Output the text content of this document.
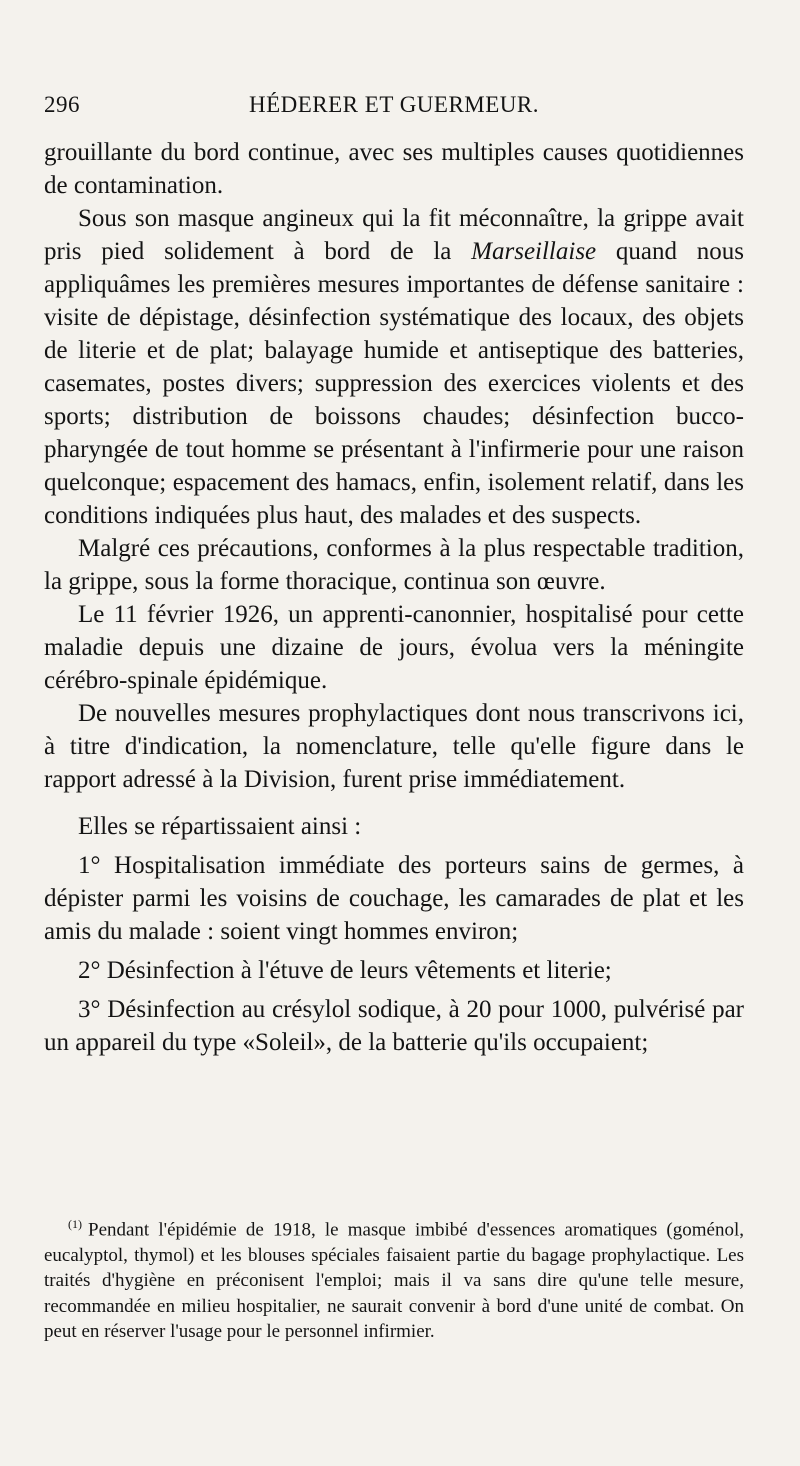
296	HÉDERER ET GUERMEUR.

grouillante du bord continue, avec ses multiples causes quotidiennes de contamination.

Sous son masque angineux qui la fit méconnaître, la grippe avait pris pied solidement à bord de la Marseillaise quand nous appliquâmes les premières mesures importantes de défense sanitaire : visite de dépistage, désinfection systématique des locaux, des objets de literie et de plat; balayage humide et antiseptique des batteries, casemates, postes divers; suppression des exercices violents et des sports; distribution de boissons chaudes; désinfection bucco-pharyngée de tout homme se présentant à l'infirmerie pour une raison quelconque; espacement des hamacs, enfin, isolement relatif, dans les conditions indiquées plus haut, des malades et des suspects.

Malgré ces précautions, conformes à la plus respectable tradition, la grippe, sous la forme thoracique, continua son œuvre.

Le 11 février 1926, un apprenti-canonnier, hospitalisé pour cette maladie depuis une dizaine de jours, évolua vers la méningite cérébro-spinale épidémique.

De nouvelles mesures prophylactiques dont nous transcrivons ici, à titre d'indication, la nomenclature, telle qu'elle figure dans le rapport adressé à la Division, furent prise immédiatement.

Elles se répartissaient ainsi :

1° Hospitalisation immédiate des porteurs sains de germes, à dépister parmi les voisins de couchage, les camarades de plat et les amis du malade : soient vingt hommes environ;

2° Désinfection à l'étuve de leurs vêtements et literie;

3° Désinfection au crésylol sodique, à 20 pour 1000, pulvérisé par un appareil du type «Soleil», de la batterie qu'ils occupaient;

$^{(1)}$ Pendant l'épidémie de 1918, le masque imbibé d'essences aromatiques (goménol, eucalyptol, thymol) et les blouses spéciales faisaient partie du bagage prophylactique. Les traités d'hygiène en préconisent l'emploi; mais il va sans dire qu'une telle mesure, recommandée en milieu hospitalier, ne saurait convenir à bord d'une unité de combat. On peut en réserver l'usage pour le personnel infirmier.
